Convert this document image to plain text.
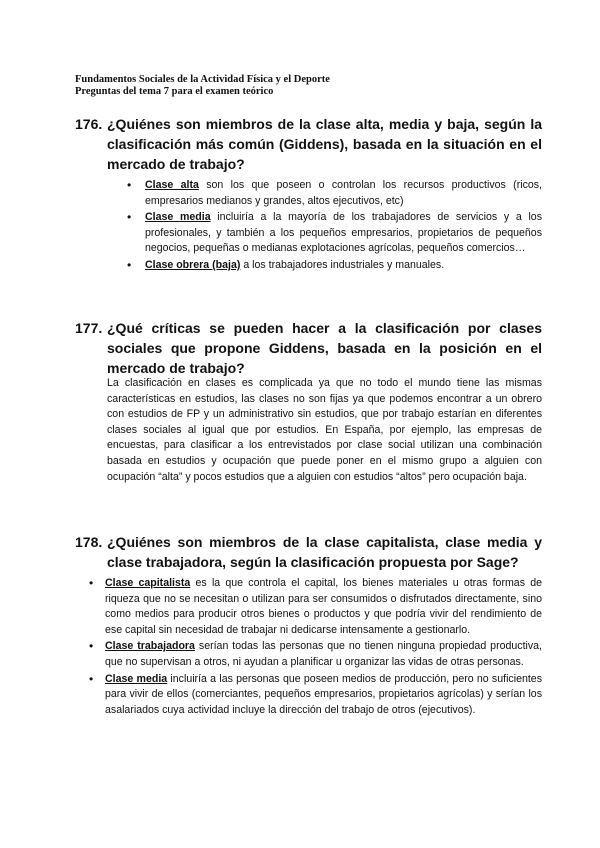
Fundamentos Sociales de la Actividad Física y el Deporte
Preguntas del tema 7 para el examen teórico
176. ¿Quiénes son miembros de la clase alta, media y baja, según la clasificación más común (Giddens), basada en la situación en el mercado de trabajo?
• Clase alta son los que poseen o controlan los recursos productivos (ricos, empresarios medianos y grandes, altos ejecutivos, etc)
• Clase media incluiría a la mayoría de los trabajadores de servicios y a los profesionales, y también a los pequeños empresarios, propietarios de pequeños negocios, pequeñas o medianas explotaciones agrícolas, pequeños comercios…
• Clase obrera (baja) a los trabajadores industriales y manuales.
177. ¿Qué críticas se pueden hacer a la clasificación por clases sociales que propone Giddens, basada en la posición en el mercado de trabajo?
La clasificación en clases es complicada ya que no todo el mundo tiene las mismas características en estudios, las clases no son fijas ya que podemos encontrar a un obrero con estudios de FP y un administrativo sin estudios, que por trabajo estarían en diferentes clases sociales al igual que por estudios. En España, por ejemplo, las empresas de encuestas, para clasificar a los entrevistados por clase social utilizan una combinación basada en estudios y ocupación que puede poner en el mismo grupo a alguien con ocupación “alta” y pocos estudios que a alguien con estudios “altos” pero ocupación baja.
178. ¿Quiénes son miembros de la clase capitalista, clase media y clase trabajadora, según la clasificación propuesta por Sage?
• Clase capitalista es la que controla el capital, los bienes materiales u otras formas de riqueza que no se necesitan o utilizan para ser consumidos o disfrutados directamente, sino como medios para producir otros bienes o productos y que podría vivir del rendimiento de ese capital sin necesidad de trabajar ni dedicarse intensamente a gestionarlo.
• Clase trabajadora serían todas las personas que no tienen ninguna propiedad productiva, que no supervisan a otros, ni ayudan a planificar u organizar las vidas de otras personas.
• Clase media incluiría a las personas que poseen medios de producción, pero no suficientes para vivir de ellos (comerciantes, pequeños empresarios, propietarios agrícolas) y serían los asalariados cuya actividad incluye la dirección del trabajo de otros (ejecutivos).
